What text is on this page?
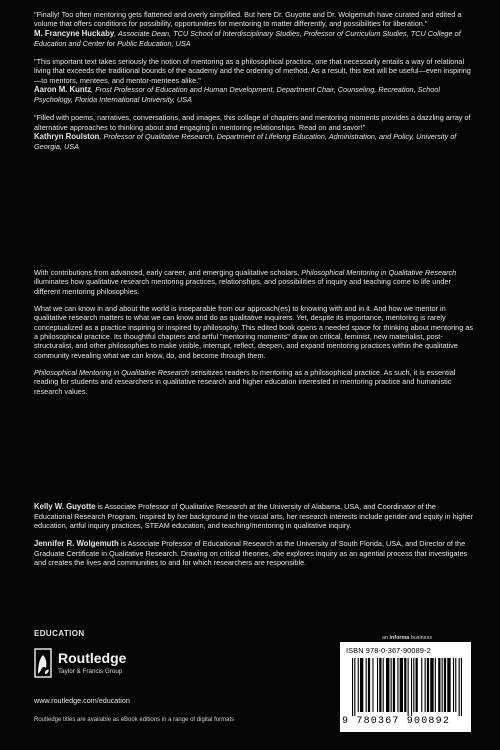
"Finally! Too often mentoring gets flattened and overly simplified. But here Dr. Guyotte and Dr. Wolgemuth have curated and edited a volume that offers conditions for possibility, opportunities for mentoring to matter differently, and possibilities for liberation."

M. Francyne Huckaby, Associate Dean, TCU School of Interdisciplinary Studies, Professor of Curriculum Studies, TCU College of Education and Center for Public Education, USA

"This important text takes seriously the notion of mentoring as a philosophical practice, one that necessarily entails a way of relational living that exceeds the traditional bounds of the academy and the ordering of method. As a result, this text will be useful—even inspiring—to mentors, mentees, and mentor-mentees alike."

Aaron M. Kuntz, Frost Professor of Education and Human Development, Department Chair, Counseling, Recreation, School Psychology, Florida International University, USA

"Filled with poems, narratives, conversations, and images, this collage of chapters and mentoring moments provides a dazzling array of alternative approaches to thinking about and engaging in mentoring relationships. Read on and savor!"

Kathryn Roulston, Professor of Qualitative Research, Department of Lifelong Education, Administration, and Policy, University of Georgia, USA

With contributions from advanced, early career, and emerging qualitative scholars, Philosophical Mentoring in Qualitative Research illuminates how qualitative research mentoring practices, relationships, and possibilities of inquiry and teaching come to life under different mentoring philosophies.

What we can know in and about the world is inseparable from our approach(es) to knowing with and in it. And how we mentor in qualitative research matters to what we can know and do as qualitative inquirers. Yet, despite its importance, mentoring is rarely conceptualized as a practice inspiring or inspired by philosophy. This edited book opens a needed space for thinking about mentoring as a philosophical practice. Its thoughtful chapters and artful "mentoring moments" draw on critical, feminist, new materialist, post-structuralist, and other philosophies to make visible, interrupt, reflect, deepen, and expand mentoring practices within the qualitative community revealing what we can know, do, and become through them.

Philosophical Mentoring in Qualitative Research sensitizes readers to mentoring as a philosophical practice. As such, it is essential reading for students and researchers in qualitative research and higher education interested in mentoring practice and humanistic research values.

Kelly W. Guyotte is Associate Professor of Qualitative Research at the University of Alabama, USA, and Coordinator of the Educational Research Program. Inspired by her background in the visual arts, her research interests include gender and equity in higher education, artful inquiry practices, STEAM education, and teaching/mentoring in qualitative inquiry.

Jennifer R. Wolgemuth is Associate Professor of Educational Research at the University of South Florida, USA, and Director of the Graduate Certificate in Qualitative Research. Drawing on critical theories, she explores inquiry as an agential process that investigates and creates the lives and communities to and for which researchers are responsible.

EDUCATION
Routledge
Taylor & Francis Group
www.routledge.com/education
Routledge titles are available as eBook editions in a range of digital formats
an informa business
ISBN 978-0-367-90089-2
9 780367 900892
